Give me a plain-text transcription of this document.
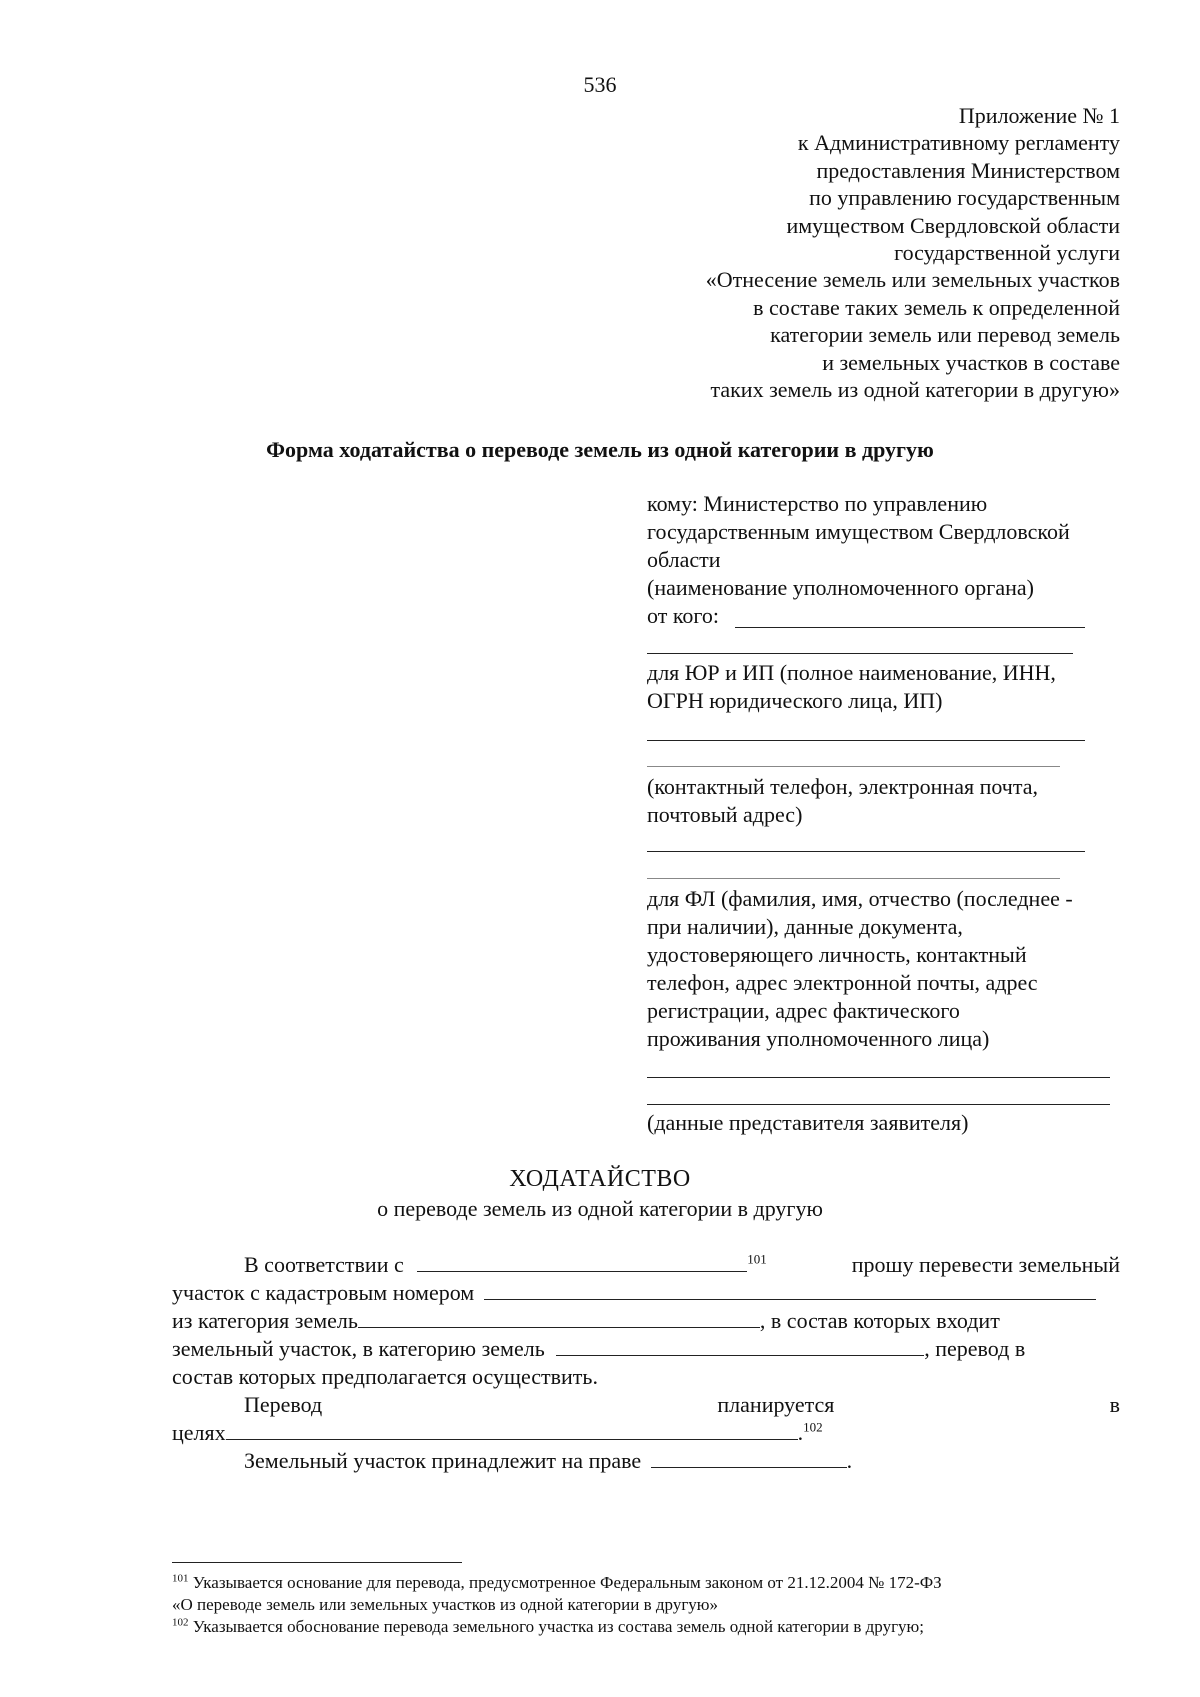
536
Приложение № 1
к Административному регламенту
предоставления Министерством
по управлению государственным
имуществом Свердловской области
государственной услуги
«Отнесение земель или земельных участков
в составе таких земель к определенной
категории земель или перевод земель
и земельных участков в составе
таких земель из одной категории в другую»
Форма ходатайства о переводе земель из одной категории в другую
кому: Министерство по управлению
государственным имуществом Свердловской
области
(наименование уполномоченного органа)
от кого:
для ЮР и ИП (полное наименование, ИНН,
ОГРН юридического лица, ИП)
(контактный телефон, электронная почта,
почтовый адрес)
для ФЛ (фамилия, имя, отчество (последнее -
при наличии), данные документа,
удостоверяющего личность, контактный
телефон, адрес электронной почты, адрес
регистрации, адрес фактического
проживания уполномоченного лица)
(данные представителя заявителя)
ХОДАТАЙСТВО
о переводе земель из одной категории в другую
В соответствии с	$^{101}$	прошу перевести земельный
участок с кадастровым номером
из категория земель	, в состав которых входит
земельный участок, в категорию земель	, перевод в
состав которых предполагается осуществить.
Перевод	планируется	в
целях	.$^{102}$
Земельный участок принадлежит на праве	.
$^{101}$ Указывается основание для перевода, предусмотренное Федеральным законом от 21.12.2004 № 172-ФЗ
«О переводе земель или земельных участков из одной категории в другую»
$^{102}$ Указывается обоснование перевода земельного участка из состава земель одной категории в другую;
